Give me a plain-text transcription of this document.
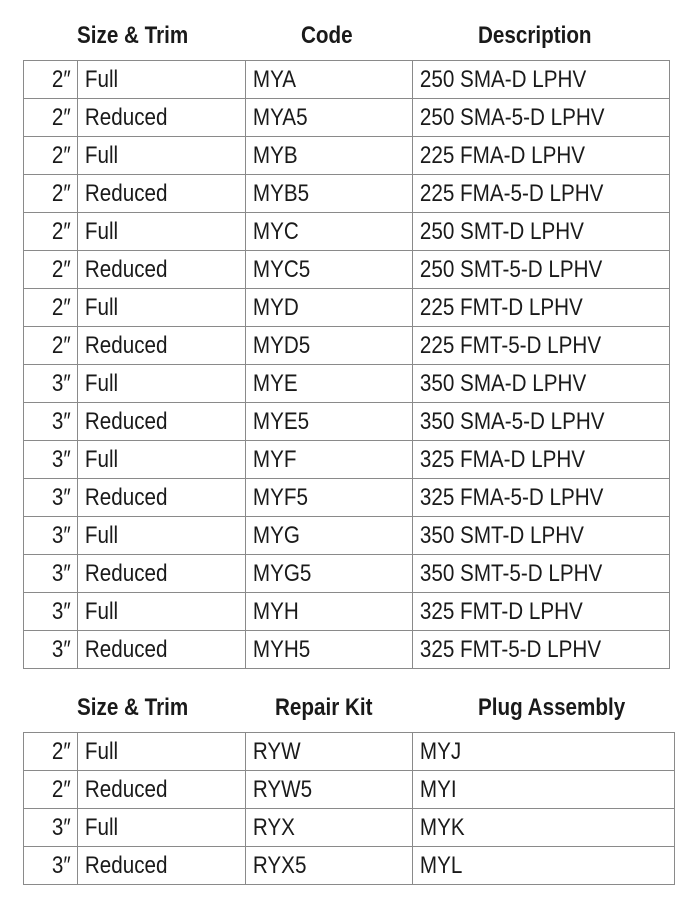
Size & Trim	Code	Description
2″	Full	MYA	250 SMA-D LPHV
2″	Reduced	MYA5	250 SMA-5-D LPHV
2″	Full	MYB	225 FMA-D LPHV
2″	Reduced	MYB5	225 FMA-5-D LPHV
2″	Full	MYC	250 SMT-D LPHV
2″	Reduced	MYC5	250 SMT-5-D LPHV
2″	Full	MYD	225 FMT-D LPHV
2″	Reduced	MYD5	225 FMT-5-D LPHV
3″	Full	MYE	350 SMA-D LPHV
3″	Reduced	MYE5	350 SMA-5-D LPHV
3″	Full	MYF	325 FMA-D LPHV
3″	Reduced	MYF5	325 FMA-5-D LPHV
3″	Full	MYG	350 SMT-D LPHV
3″	Reduced	MYG5	350 SMT-5-D LPHV
3″	Full	MYH	325 FMT-D LPHV
3″	Reduced	MYH5	325 FMT-5-D LPHV
Size & Trim	Repair Kit	Plug Assembly
2″	Full	RYW	MYJ
2″	Reduced	RYW5	MYI
3″	Full	RYX	MYK
3″	Reduced	RYX5	MYL
